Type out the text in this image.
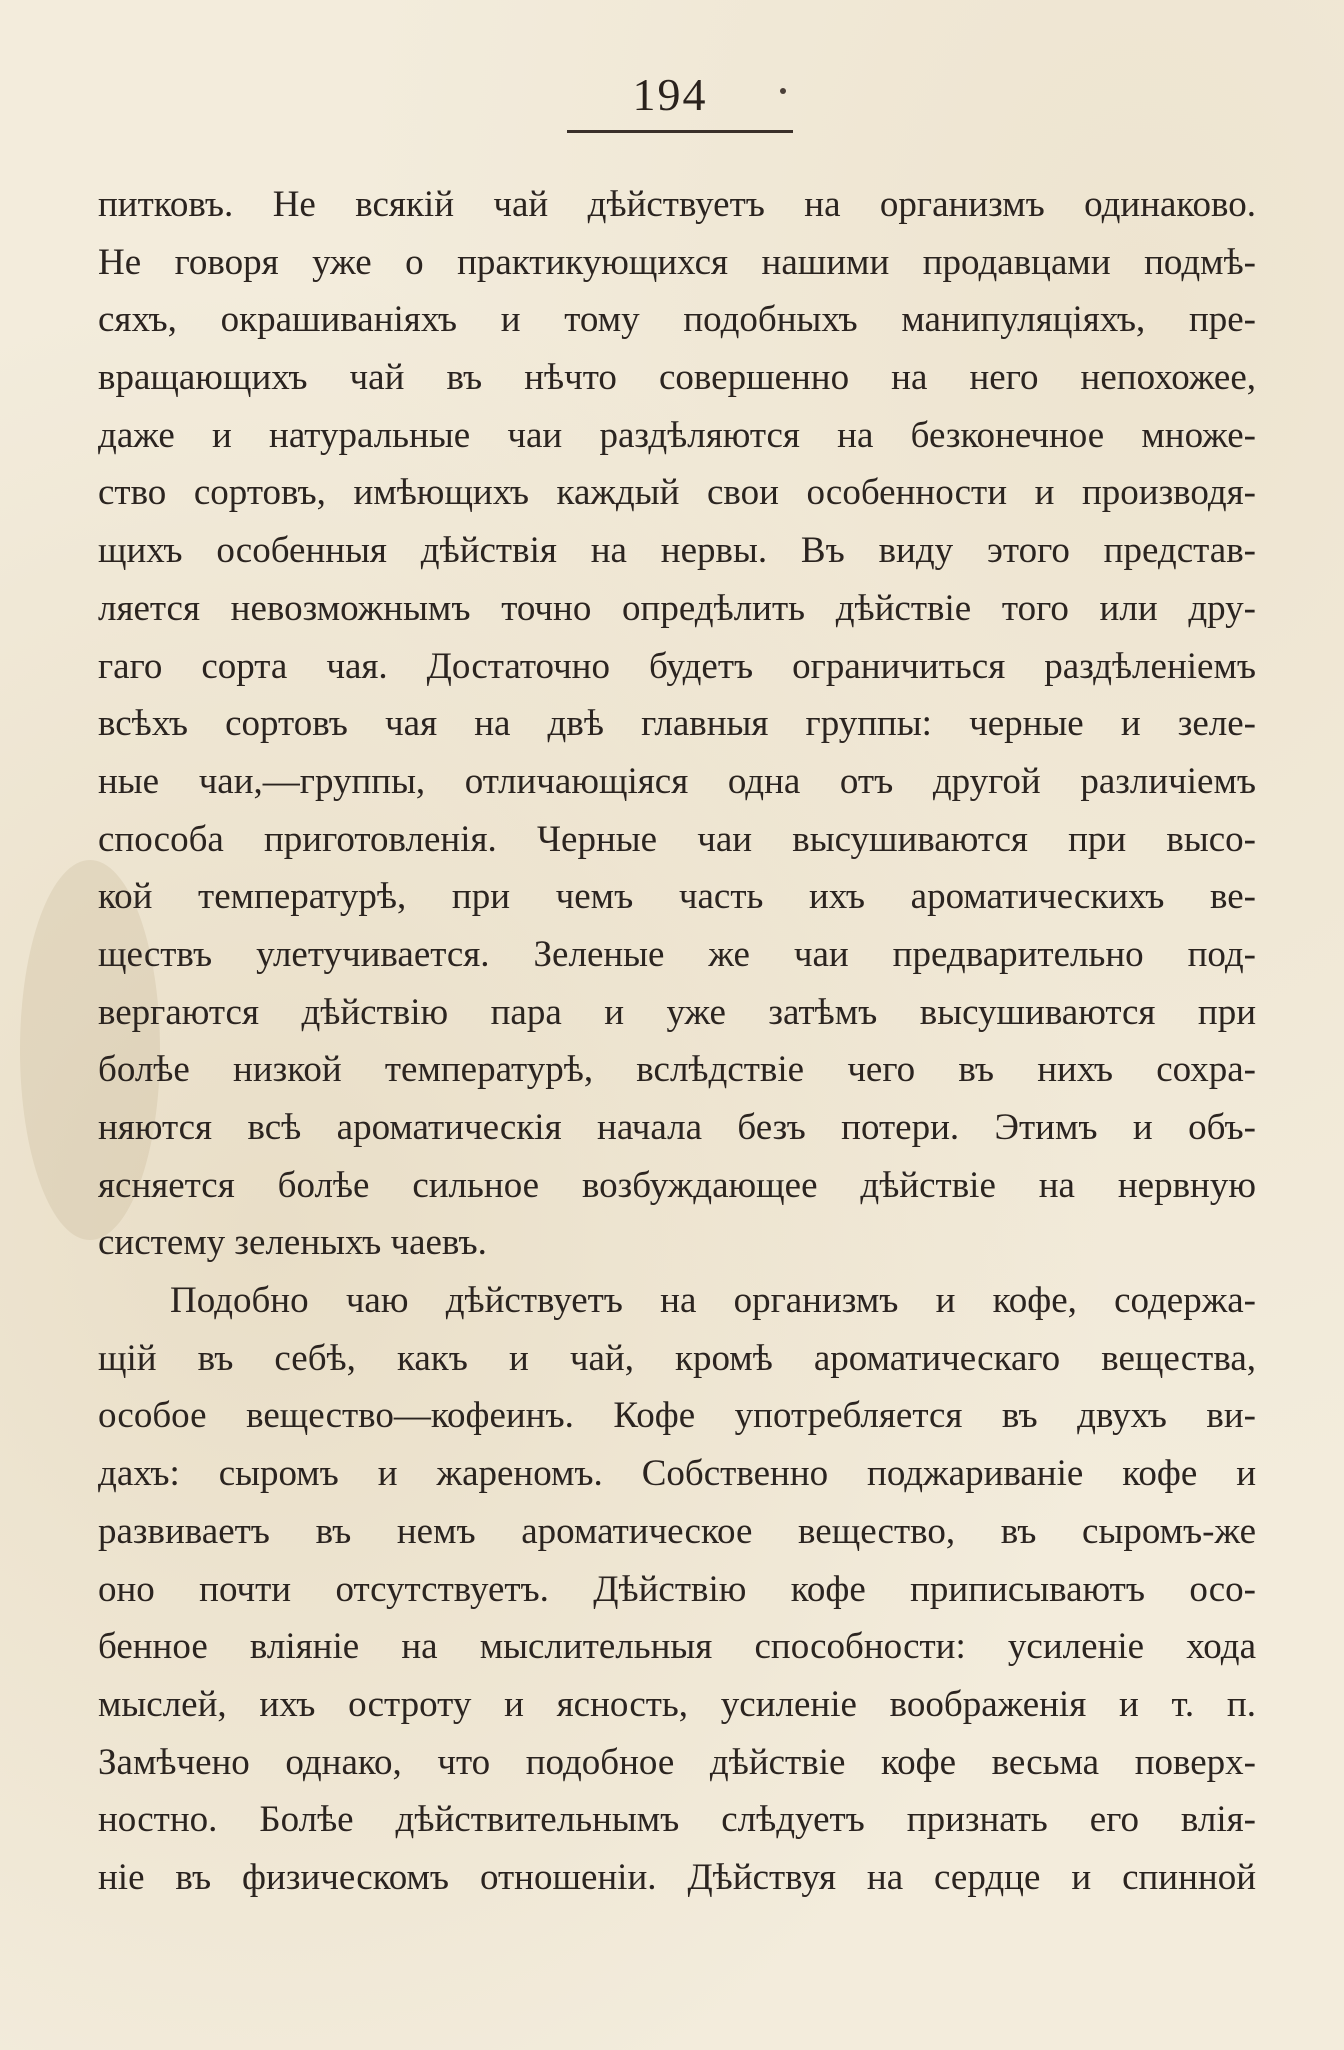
194
питковъ. Не всякій чай дѣйствуетъ на организмъ одинаково.
Не говоря уже о практикующихся нашими продавцами подмѣ-
сяхъ, окрашиваніяхъ и тому подобныхъ манипуляціяхъ, пре-
вращающихъ чай въ нѣчто совершенно на него непохожее,
даже и натуральные чаи раздѣляются на безконечное множе-
ство сортовъ, имѣющихъ каждый свои особенности и производя-
щихъ особенныя дѣйствія на нервы. Въ виду этого представ-
ляется невозможнымъ точно опредѣлить дѣйствіе того или дру-
гаго сорта чая. Достаточно будетъ ограничиться раздѣленіемъ
всѣхъ сортовъ чая на двѣ главныя группы: черные и зеле-
ные чаи,—группы, отличающіяся одна отъ другой различіемъ
способа приготовленія. Черные чаи высушиваются при высо-
кой температурѣ, при чемъ часть ихъ ароматическихъ ве-
ществъ улетучивается. Зеленые же чаи предварительно под-
вергаются дѣйствію пара и уже затѣмъ высушиваются при
болѣе низкой температурѣ, вслѣдствіе чего въ нихъ сохра-
няются всѣ ароматическія начала безъ потери. Этимъ и объ-
ясняется болѣе сильное возбуждающее дѣйствіе на нервную
систему зеленыхъ чаевъ.
Подобно чаю дѣйствуетъ на организмъ и кофе, содержа-
щій въ себѣ, какъ и чай, кромѣ ароматическаго вещества,
особое вещество—кофеинъ. Кофе употребляется въ двухъ ви-
дахъ: сыромъ и жареномъ. Собственно поджариваніе кофе и
развиваетъ въ немъ ароматическое вещество, въ сыромъ-же
оно почти отсутствуетъ. Дѣйствію кофе приписываютъ осо-
бенное вліяніе на мыслительныя способности: усиленіе хода
мыслей, ихъ остроту и ясность, усиленіе воображенія и т. п.
Замѣчено однако, что подобное дѣйствіе кофе весьма поверх-
ностно. Болѣе дѣйствительнымъ слѣдуетъ признать его влія-
ніе въ физическомъ отношеніи. Дѣйствуя на сердце и спинной
